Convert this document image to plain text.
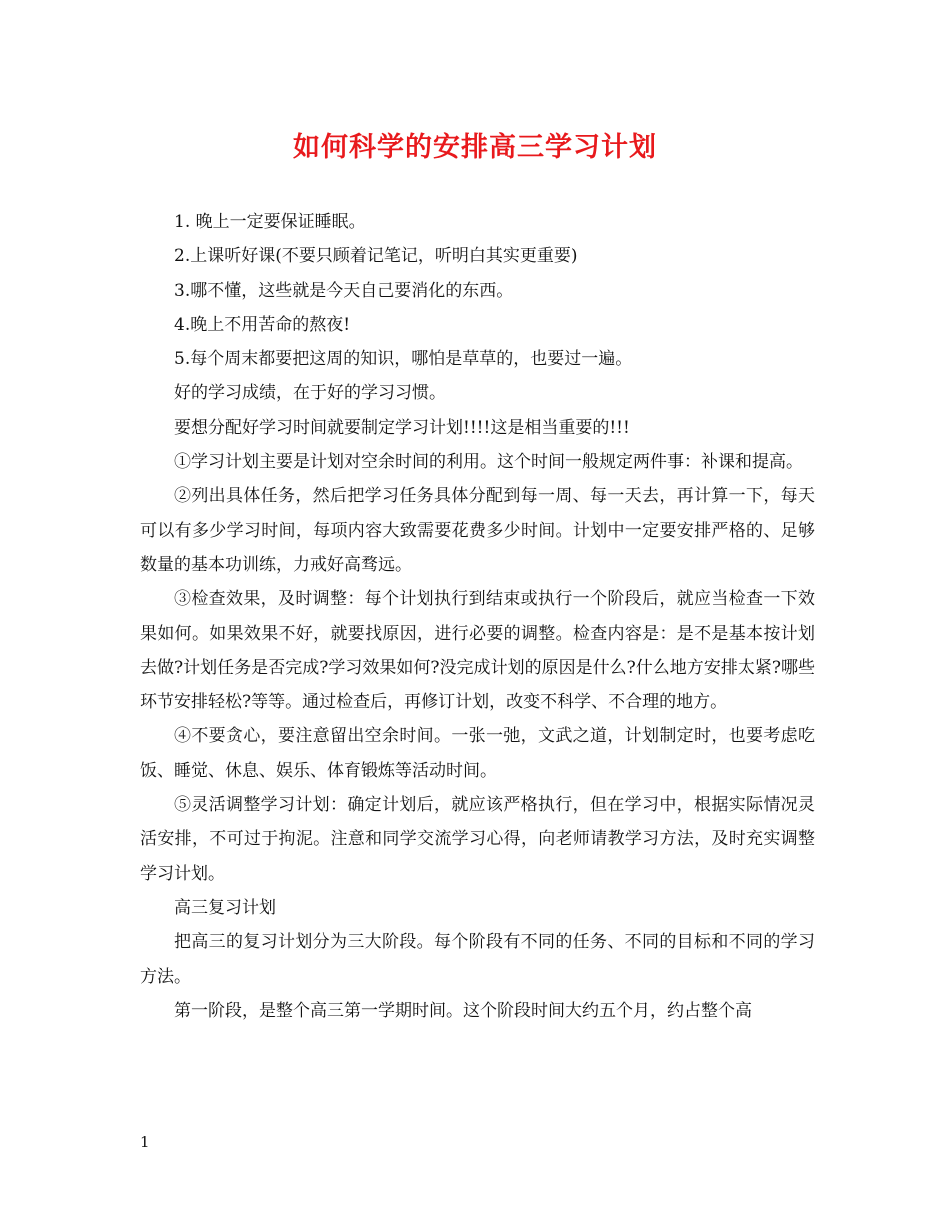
如何科学的安排高三学习计划

1. 晚上一定要保证睡眠。

2.上课听好课(不要只顾着记笔记，听明白其实更重要)

3.哪不懂，这些就是今天自己要消化的东西。

4.晚上不用苦命的熬夜!

5.每个周末都要把这周的知识，哪怕是草草的，也要过一遍。

好的学习成绩，在于好的学习习惯。

要想分配好学习时间就要制定学习计划!!!!这是相当重要的!!!

①学习计划主要是计划对空余时间的利用。这个时间一般规定两件事：补课和提高。

②列出具体任务，然后把学习任务具体分配到每一周、每一天去，再计算一下，每天可以有多少学习时间，每项内容大致需要花费多少时间。计划中一定要安排严格的、足够数量的基本功训练，力戒好高骛远。

③检查效果，及时调整：每个计划执行到结束或执行一个阶段后，就应当检查一下效果如何。如果效果不好，就要找原因，进行必要的调整。检查内容是：是不是基本按计划去做?计划任务是否完成?学习效果如何?没完成计划的原因是什么?什么地方安排太紧?哪些环节安排轻松?等等。通过检查后，再修订计划，改变不科学、不合理的地方。

④不要贪心，要注意留出空余时间。一张一弛，文武之道，计划制定时，也要考虑吃饭、睡觉、休息、娱乐、体育锻炼等活动时间。

⑤灵活调整学习计划：确定计划后，就应该严格执行，但在学习中，根据实际情况灵活安排，不可过于拘泥。注意和同学交流学习心得，向老师请教学习方法，及时充实调整学习计划。

高三复习计划

把高三的复习计划分为三大阶段。每个阶段有不同的任务、不同的目标和不同的学习方法。

第一阶段，是整个高三第一学期时间。这个阶段时间大约五个月，约占整个高

1
